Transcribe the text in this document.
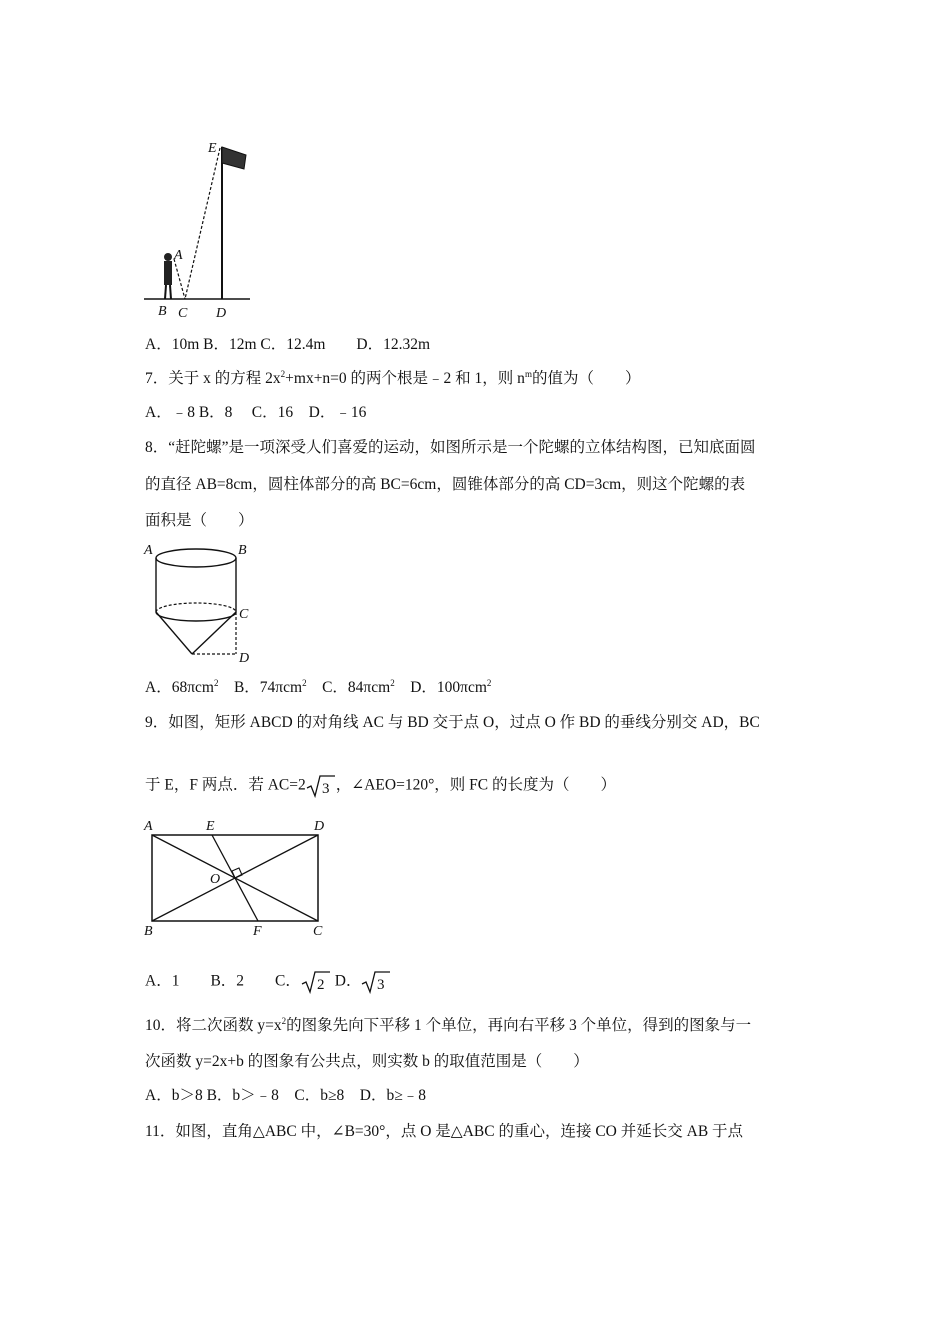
E
A
B C D
A．10m B．12m C．12.4m　　D．12.32m
7．关于 x 的方程 $2x^2+mx+n=0$ 的两个根是﹣2 和 1，则 $n^m$的值为（　　）
A．﹣8 B．8　 C．16　D．﹣16
8．“赶陀螺”是一项深受人们喜爱的运动，如图所示是一个陀螺的立体结构图，已知底面圆
的直径 AB=8cm，圆柱体部分的高 BC=6cm，圆锥体部分的高 CD=3cm，则这个陀螺的表
面积是（　　）
A	B
C
D
A．68πcm$^2$　B．74πcm$^2$　C．84πcm$^2$　D．100πcm$^2$
9．如图，矩形 ABCD 的对角线 AC 与 BD 交于点 O，过点 O 作 BD 的垂线分别交 AD，BC
于 E，F 两点．若 AC=2 3 ，∠AEO=120°，则 FC 的长度为（　　）
A	E	D
O
B	F	C
A．1　　B．2　　C． 2 D． 3
10．将二次函数 $y=x^2$的图象先向下平移 1 个单位，再向右平移 3 个单位，得到的图象与一
次函数 y=2x+b 的图象有公共点，则实数 b 的取值范围是（　　）
A．b＞8 B．b＞﹣8　C．b≥8　D．b≥﹣8
11．如图，直角△ABC 中，∠B=30°，点 O 是△ABC 的重心，连接 CO 并延长交 AB 于点
